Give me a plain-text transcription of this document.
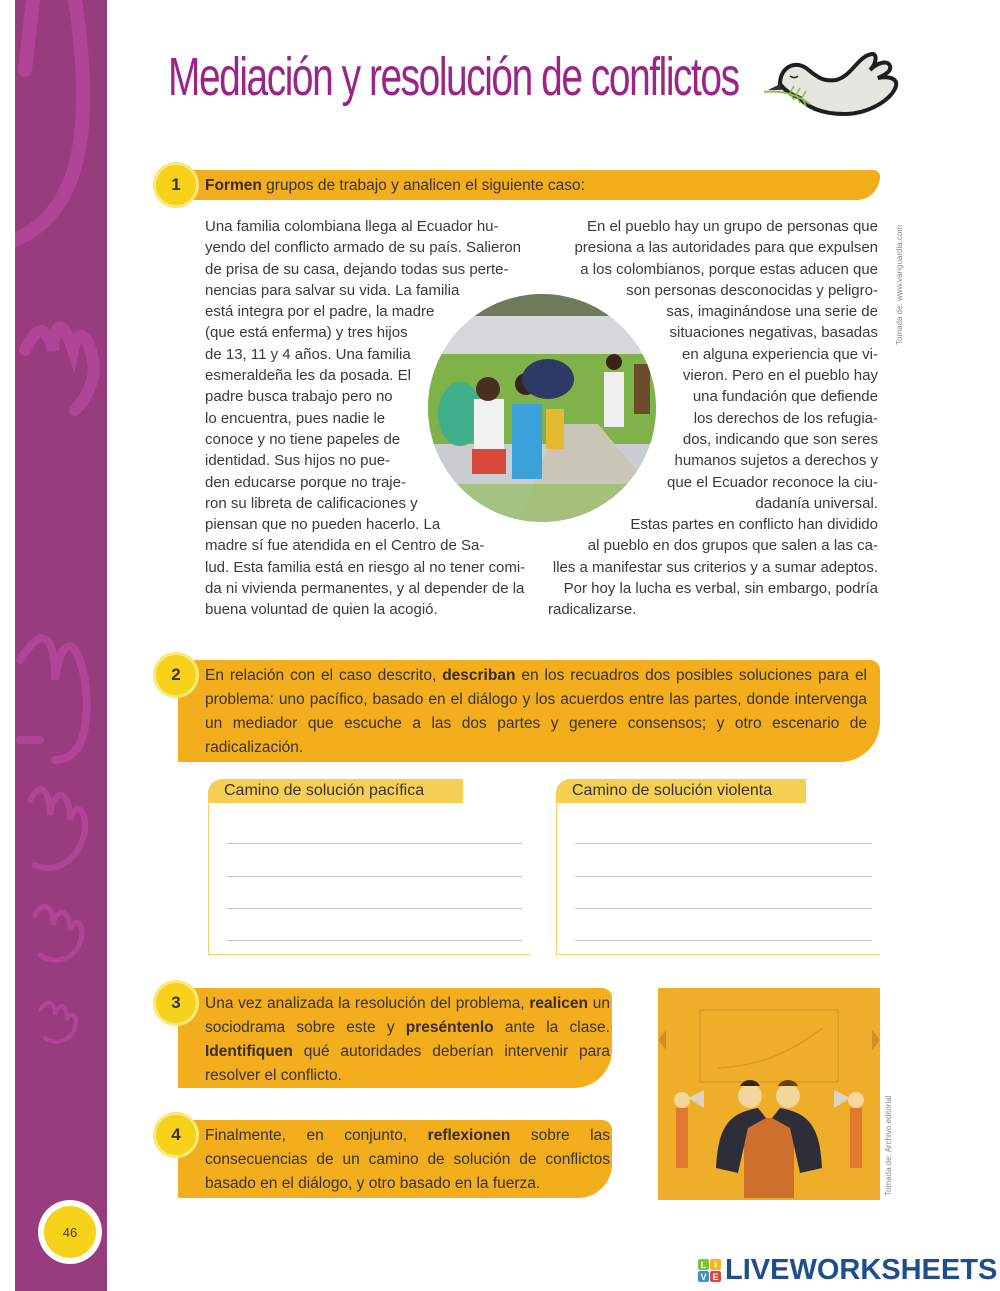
46
Mediación y resolución de conflictos
1	Formen grupos de trabajo y analicen el siguiente caso:
Una familia colombiana llega al Ecuador hu-
yendo del conflicto armado de su país. Salieron
de prisa de su casa, dejando todas sus perte-
nencias para salvar su vida. La familia
está integra por el padre, la madre
(que está enferma) y tres hijos
de 13, 11 y 4 años. Una familia
esmeraldeña les da posada. El
padre busca trabajo pero no
lo encuentra, pues nadie le
conoce y no tiene papeles de
identidad. Sus hijos no pue-
den educarse porque no traje-
ron su libreta de calificaciones y
piensan que no pueden hacerlo. La
madre sí fue atendida en el Centro de Sa-
lud. Esta familia está en riesgo al no tener comi-
da ni vivienda permanentes, y al depender de la
buena voluntad de quien la acogió.
En el pueblo hay un grupo de personas que
presiona a las autoridades para que expulsen
a los colombianos, porque estas aducen que
son personas desconocidas y peligro-
sas, imaginándose una serie de
situaciones negativas, basadas
en alguna experiencia que vi-
vieron. Pero en el pueblo hay
una fundación que defiende
los derechos de los refugia-
dos, indicando que son seres
humanos sujetos a derechos y
que el Ecuador reconoce la ciu-
dadanía universal.
Estas partes en conflicto han dividido
al pueblo en dos grupos que salen a las ca-
lles a manifestar sus criterios y a sumar adeptos.
Por hoy la lucha es verbal, sin embargo, podría
radicalizarse.
Tomada de: www.vanguardia.com
2	En relación con el caso descrito, describan en los recuadros dos posibles soluciones para el problema: uno pacífico, basado en el diálogo y los acuerdos entre las partes, donde intervenga un mediador que escuche a las dos partes y genere consensos; y otro escenario de radicalización.
Camino de solución pacífica	Camino de solución violenta
3	Una vez analizada la resolución del problema, realicen un sociodrama sobre este y preséntenlo ante la clase. Identifiquen qué autoridades deberían intervenir para resolver el conflicto.
4	Finalmente, en conjunto, reflexionen sobre las consecuencias de un camino de solución de conflictos basado en el diálogo, y otro basado en la fuerza.	Tomada de: Archivo editorial
L I
V E LIVEWORKSHEETS
